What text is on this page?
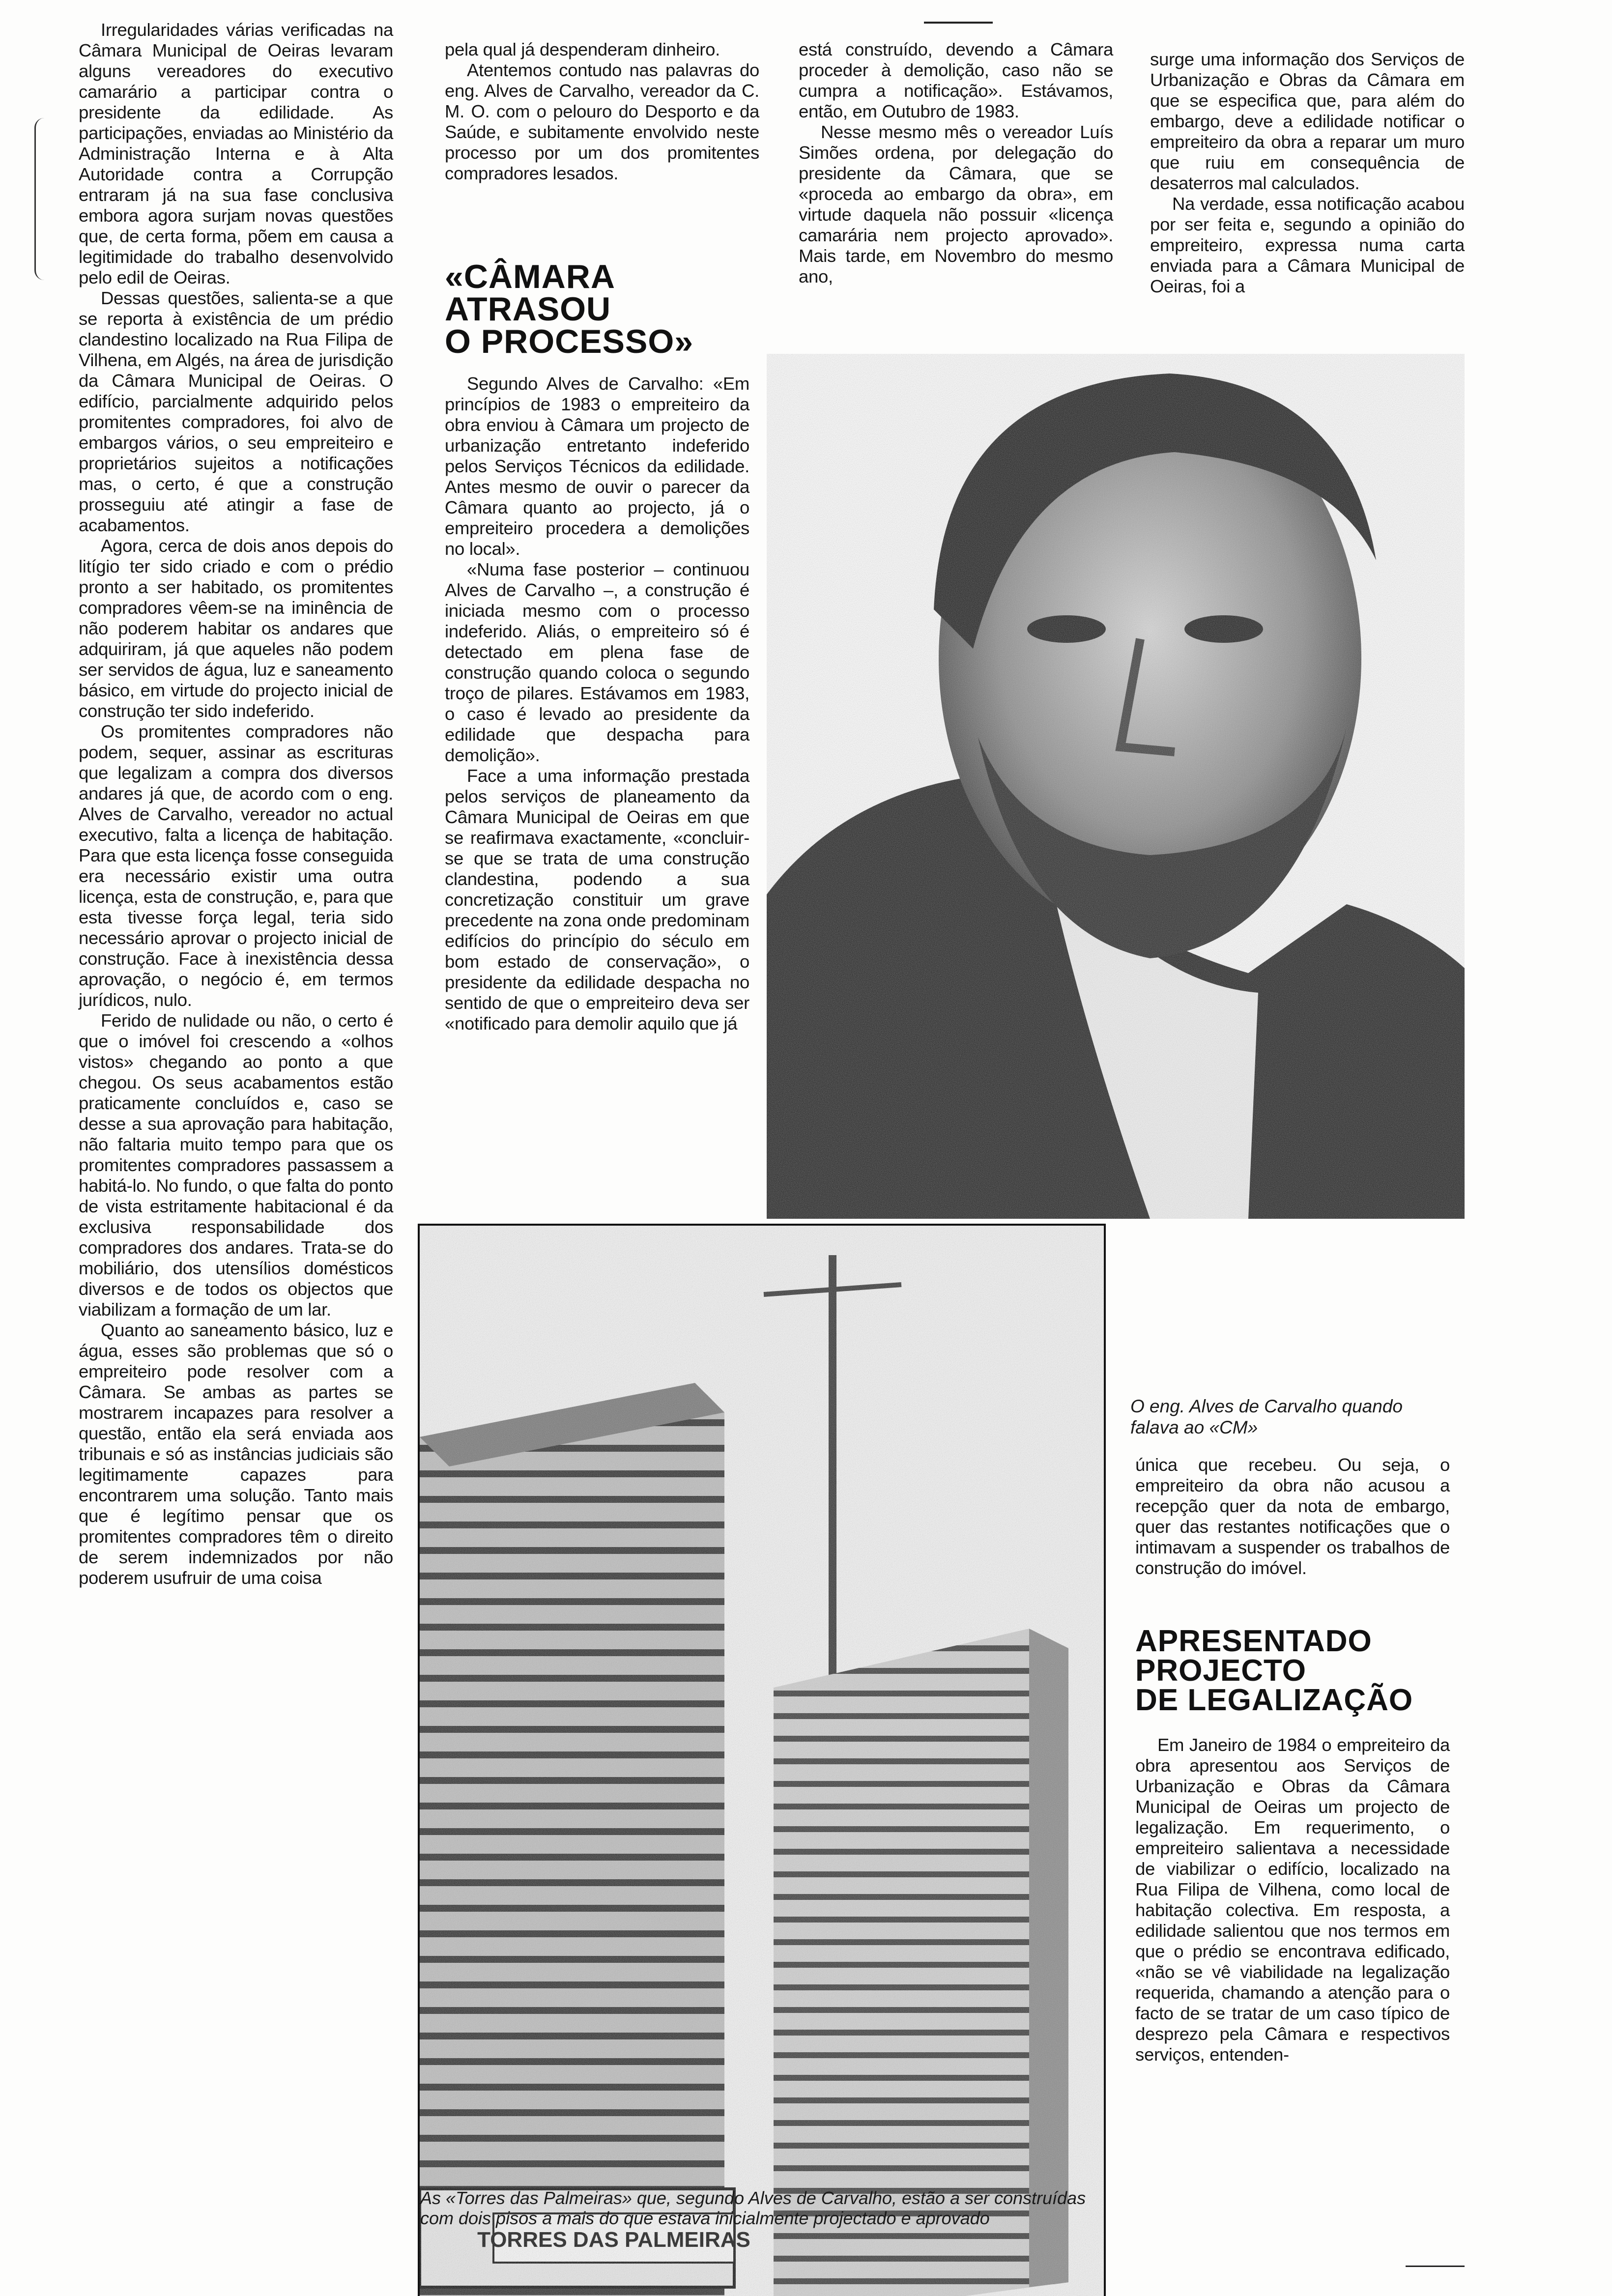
Irregularidades várias verificadas na Câmara Municipal de Oeiras levaram alguns vereadores do executivo camarário a participar contra o presidente da edilidade. As participações, enviadas ao Ministério da Administração Interna e à Alta Autoridade contra a Corrupção entraram já na sua fase conclusiva embora agora surjam novas questões que, de certa forma, põem em causa a legitimidade do trabalho desenvolvido pelo edil de Oeiras.

Dessas questões, salienta-se a que se reporta à existência de um prédio clandestino localizado na Rua Filipa de Vilhena, em Algés, na área de jurisdição da Câmara Municipal de Oeiras. O edifício, parcialmente adquirido pelos promitentes compradores, foi alvo de embargos vários, o seu empreiteiro e proprietários sujeitos a notificações mas, o certo, é que a construção prosseguiu até atingir a fase de acabamentos.

Agora, cerca de dois anos depois do litígio ter sido criado e com o prédio pronto a ser habitado, os promitentes compradores vêem-se na iminência de não poderem habitar os andares que adquiriram, já que aqueles não podem ser servidos de água, luz e saneamento básico, em virtude do projecto inicial de construção ter sido indeferido.

Os promitentes compradores não podem, sequer, assinar as escrituras que legalizam a compra dos diversos andares já que, de acordo com o eng. Alves de Carvalho, vereador no actual executivo, falta a licença de habitação. Para que esta licença fosse conseguida era necessário existir uma outra licença, esta de construção, e, para que esta tivesse força legal, teria sido necessário aprovar o projecto inicial de construção. Face à inexistência dessa aprovação, o negócio é, em termos jurídicos, nulo.

Ferido de nulidade ou não, o certo é que o imóvel foi crescendo a «olhos vistos» chegando ao ponto a que chegou. Os seus acabamentos estão praticamente concluídos e, caso se desse a sua aprovação para habitação, não faltaria muito tempo para que os promitentes compradores passassem a habitá-lo. No fundo, o que falta do ponto de vista estritamente habitacional é da exclusiva responsabilidade dos compradores dos andares. Trata-se do mobiliário, dos utensílios domésticos diversos e de todos os objectos que viabilizam a formação de um lar.

Quanto ao saneamento básico, luz e água, esses são problemas que só o empreiteiro pode resolver com a Câmara. Se ambas as partes se mostrarem incapazes para resolver a questão, então ela será enviada aos tribunais e só as instâncias judiciais são legitimamente capazes para encontrarem uma solução. Tanto mais que é legítimo pensar que os promitentes compradores têm o direito de serem indemnizados por não poderem usufruir de uma coisa

pela qual já despenderam dinheiro.

Atentemos contudo nas palavras do eng. Alves de Carvalho, vereador da C. M. O. com o pelouro do Desporto e da Saúde, e subitamente envolvido neste processo por um dos promitentes compradores lesados.

«CÂMARA
ATRASOU
O PROCESSO»

Segundo Alves de Carvalho: «Em princípios de 1983 o empreiteiro da obra enviou à Câmara um projecto de urbanização entretanto indeferido pelos Serviços Técnicos da edilidade. Antes mesmo de ouvir o parecer da Câmara quanto ao projecto, já o empreiteiro procedera a demolições no local».

«Numa fase posterior – continuou Alves de Carvalho –, a construção é iniciada mesmo com o processo indeferido. Aliás, o empreiteiro só é detectado em plena fase de construção quando coloca o segundo troço de pilares. Estávamos em 1983, o caso é levado ao presidente da edilidade que despacha para demolição».

Face a uma informação prestada pelos serviços de planeamento da Câmara Municipal de Oeiras em que se reafirmava exactamente, «concluir-se que se trata de uma construção clandestina, podendo a sua concretização constituir um grave precedente na zona onde predominam edifícios do princípio do século em bom estado de conservação», o presidente da edilidade despacha no sentido de que o empreiteiro deva ser «notificado para demolir aquilo que já

está construído, devendo a Câmara proceder à demolição, caso não se cumpra a notificação». Estávamos, então, em Outubro de 1983.

Nesse mesmo mês o vereador Luís Simões ordena, por delegação do presidente da Câmara, que se «proceda ao embargo da obra», em virtude daquela não possuir «licença camarária nem projecto aprovado». Mais tarde, em Novembro do mesmo ano,

surge uma informação dos Serviços de Urbanização e Obras da Câmara em que se especifica que, para além do embargo, deve a edilidade notificar o empreiteiro da obra a reparar um muro que ruiu em consequência de desaterros mal calculados.

Na verdade, essa notificação acabou por ser feita e, segundo a opinião do empreiteiro, expressa numa carta enviada para a Câmara Municipal de Oeiras, foi a

O eng. Alves de Carvalho quando falava ao «CM»
As «Torres das Palmeiras» que, segundo Alves de Carvalho, estão a ser construídas com dois pisos a mais do que estava inicialmente projectado e aprovado

única que recebeu. Ou seja, o empreiteiro da obra não acusou a recepção quer da nota de embargo, quer das restantes notificações que o intimavam a suspender os trabalhos de construção do imóvel.

APRESENTADO
PROJECTO
DE LEGALIZAÇÃO

Em Janeiro de 1984 o empreiteiro da obra apresentou aos Serviços de Urbanização e Obras da Câmara Municipal de Oeiras um projecto de legalização. Em requerimento, o empreiteiro salientava a necessidade de viabilizar o edifício, localizado na Rua Filipa de Vilhena, como local de habitação colectiva. Em resposta, a edilidade salientou que nos termos em que o prédio se encontrava edificado, «não se vê viabilidade na legalização requerida, chamando a atenção para o facto de se tratar de um caso típico de desprezo pela Câmara e respectivos serviços, entenden-
